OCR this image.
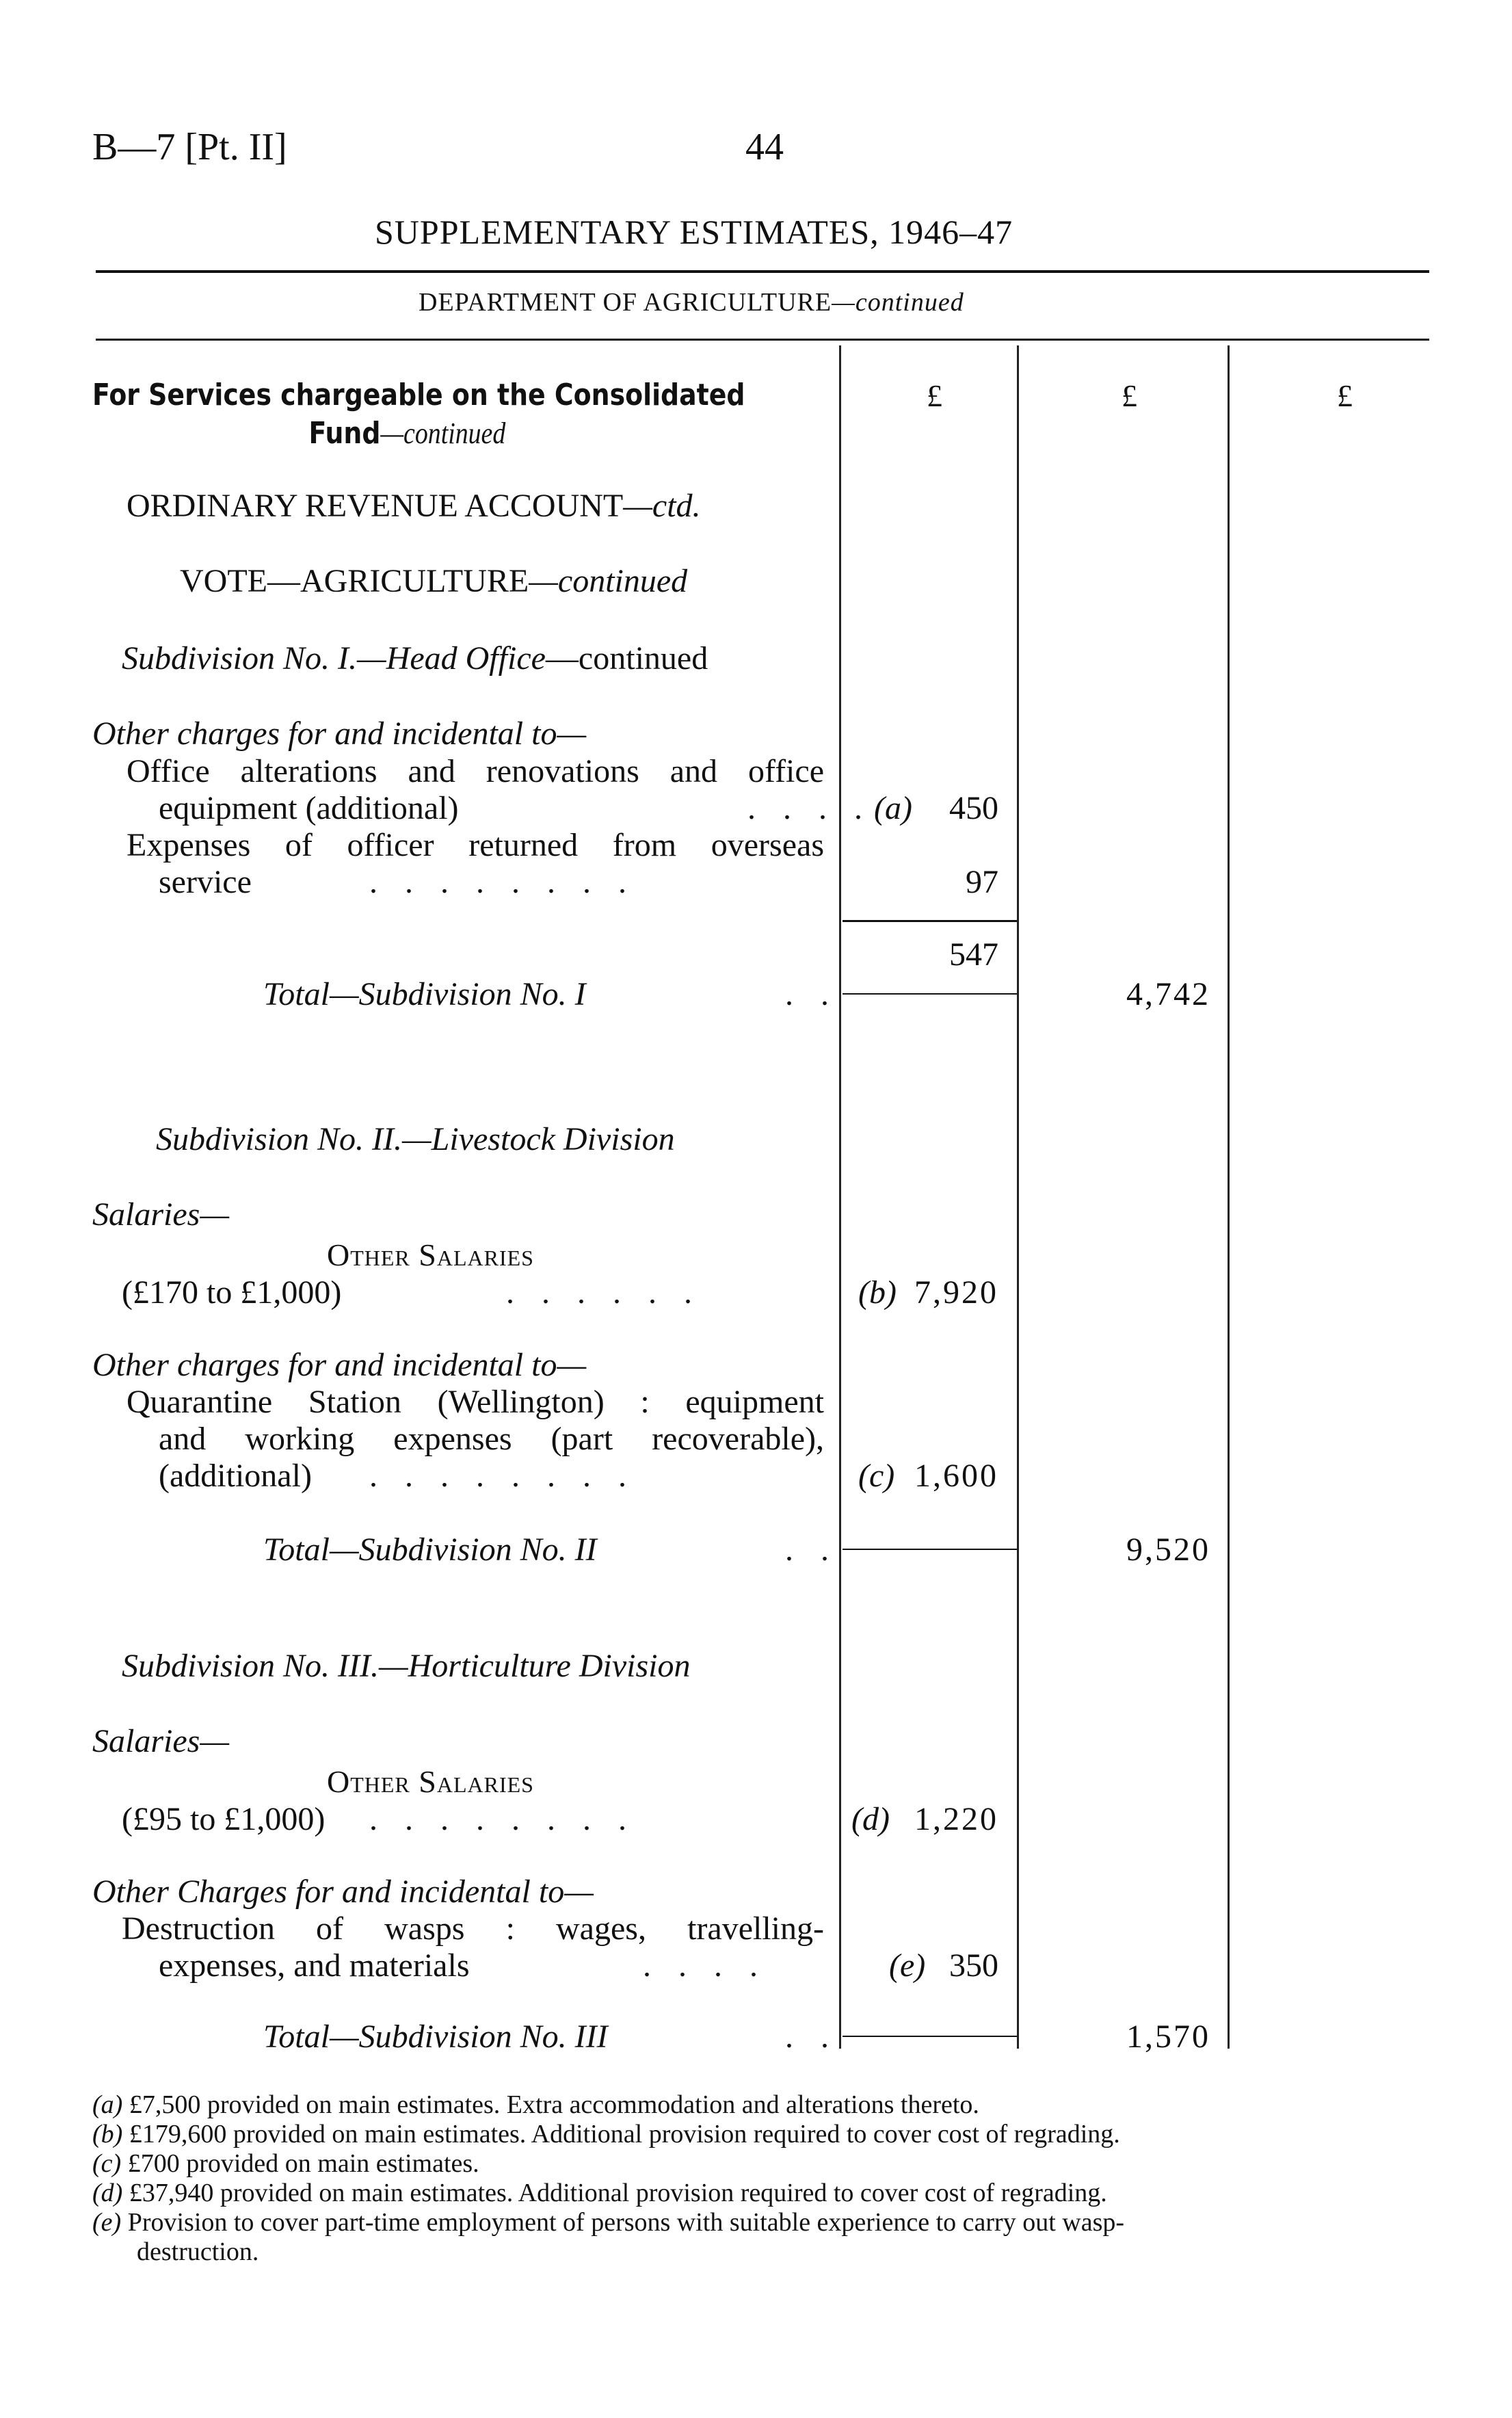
B—7 [Pt. II]	44
SUPPLEMENTARY ESTIMATES, 1946–47
DEPARTMENT OF AGRICULTURE—continued
For Services chargeable on the Consolidated
Fund—continued
£	£	£
ORDINARY REVENUE ACCOUNT—ctd.
VOTE—AGRICULTURE—continued
Subdivision No. I.—Head Office—continued
Other charges for and incidental to—
Office alterations and renovations and office
equipment (additional)	. . . . (a)	450
Expenses of officer returned from overseas
service	. . . . . . . .	97
547
Total—Subdivision No. I	. .	4,742
Subdivision No. II.—Livestock Division
Salaries—
Other Salaries
(£170 to £1,000)	. . . . . .	(b) 7,920
Other charges for and incidental to—
Quarantine Station (Wellington) : equipment
and working expenses (part recoverable),
(additional) . . . . . . . .	(c) 1,600
Total—Subdivision No. II	. .	9,520
Subdivision No. III.—Horticulture Division
Salaries—
Other Salaries
(£95 to £1,000) . . . . . . . .	(d) 1,220
Other Charges for and incidental to—
Destruction of wasps : wages, travelling-
expenses, and materials	. . . .	(e) 350
Total—Subdivision No. III	. .	1,570
(a) £7,500 provided on main estimates. Extra accommodation and alterations thereto.
(b) £179,600 provided on main estimates. Additional provision required to cover cost of regrading.
(c) £700 provided on main estimates.
(d) £37,940 provided on main estimates. Additional provision required to cover cost of regrading.
(e) Provision to cover part-time employment of persons with suitable experience to carry out wasp-
destruction.
